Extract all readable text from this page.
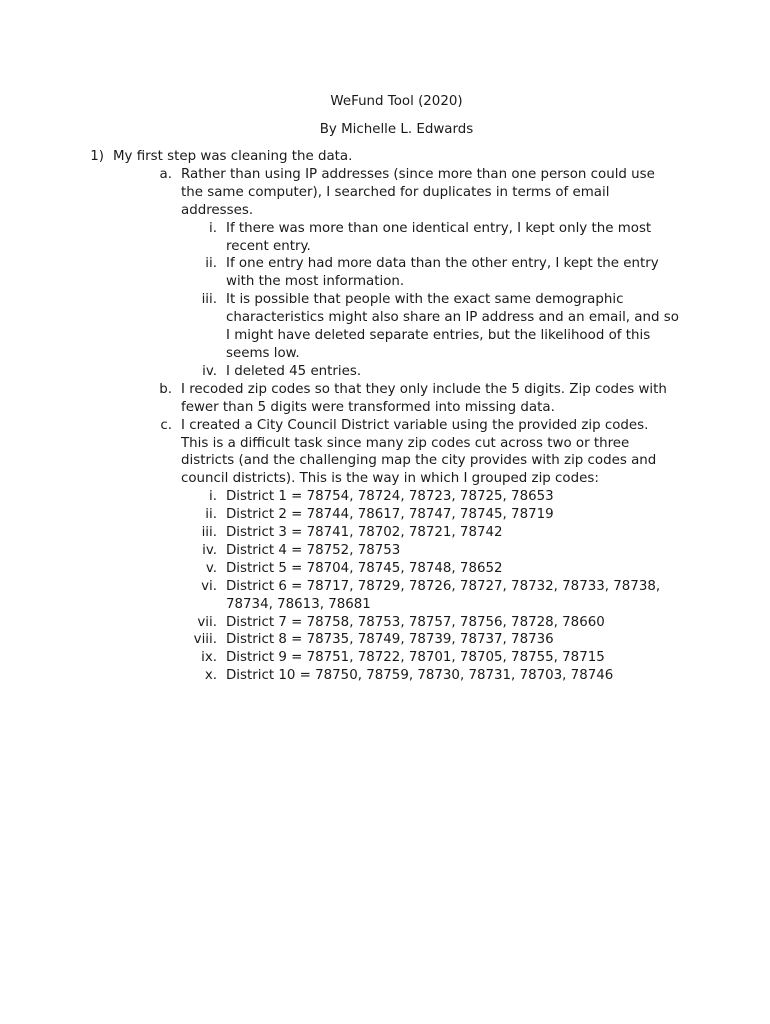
WeFund Tool (2020)
By Michelle L. Edwards
1) My first step was cleaning the data.
a. Rather than using IP addresses (since more than one person could use the same computer), I searched for duplicates in terms of email addresses.
i. If there was more than one identical entry, I kept only the most recent entry.
ii. If one entry had more data than the other entry, I kept the entry with the most information.
iii. It is possible that people with the exact same demographic characteristics might also share an IP address and an email, and so I might have deleted separate entries, but the likelihood of this seems low.
iv. I deleted 45 entries.
b. I recoded zip codes so that they only include the 5 digits. Zip codes with fewer than 5 digits were transformed into missing data.
c. I created a City Council District variable using the provided zip codes. This is a difficult task since many zip codes cut across two or three districts (and the challenging map the city provides with zip codes and council districts). This is the way in which I grouped zip codes:
i. District 1 = 78754, 78724, 78723, 78725, 78653
ii. District 2 = 78744, 78617, 78747, 78745, 78719
iii. District 3 = 78741, 78702, 78721, 78742
iv. District 4 = 78752, 78753
v. District 5 = 78704, 78745, 78748, 78652
vi. District 6 = 78717, 78729, 78726, 78727, 78732, 78733, 78738, 78734, 78613, 78681
vii. District 7 = 78758, 78753, 78757, 78756, 78728, 78660
viii. District 8 = 78735, 78749, 78739, 78737, 78736
ix. District 9 = 78751, 78722, 78701, 78705, 78755, 78715
x. District 10 = 78750, 78759, 78730, 78731, 78703, 78746
